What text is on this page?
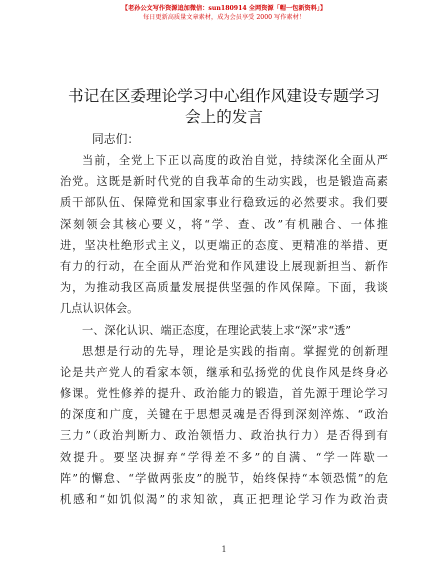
【老孙公文写作资源追加微信：sun180914 全网资源「帽一包新资料」】
每日更新高质量文章素材，成为会员享受 2000 写作素材！
书记在区委理论学习中心组作风建设专题学习
会上的发言
同志们：
当前，全党上下正以高度的政治自觉，持续深化全面从严
治党。这既是新时代党的自我革命的生动实践，也是锻造高素
质干部队伍、保障党和国家事业行稳致远的必然要求。我们要
深刻领会其核心要义，将“学、查、改”有机融合、一体推
进，坚决杜绝形式主义，以更端正的态度、更精准的举措、更
有力的行动，在全面从严治党和作风建设上展现新担当、新作
为，为推动我区高质量发展提供坚强的作风保障。下面，我谈
几点认识体会。
一、深化认识、端正态度，在理论武装上求“深”求“透”
思想是行动的先导，理论是实践的指南。掌握党的创新理
论是共产党人的看家本领，继承和弘扬党的优良作风是终身必
修课。党性修养的提升、政治能力的锻造，首先源于理论学习
的深度和广度，关键在于思想灵魂是否得到深刻淬炼、“政治
三力”（政治判断力、政治领悟力、政治执行力）是否得到有
效提升。要坚决摒弃“学得差不多”的自满、“学一阵歇一
阵”的懈怠、“学做两张皮”的脱节，始终保持“本领恐慌”的危
机感和“如饥似渴”的求知欲，真正把理论学习作为政治责
1
